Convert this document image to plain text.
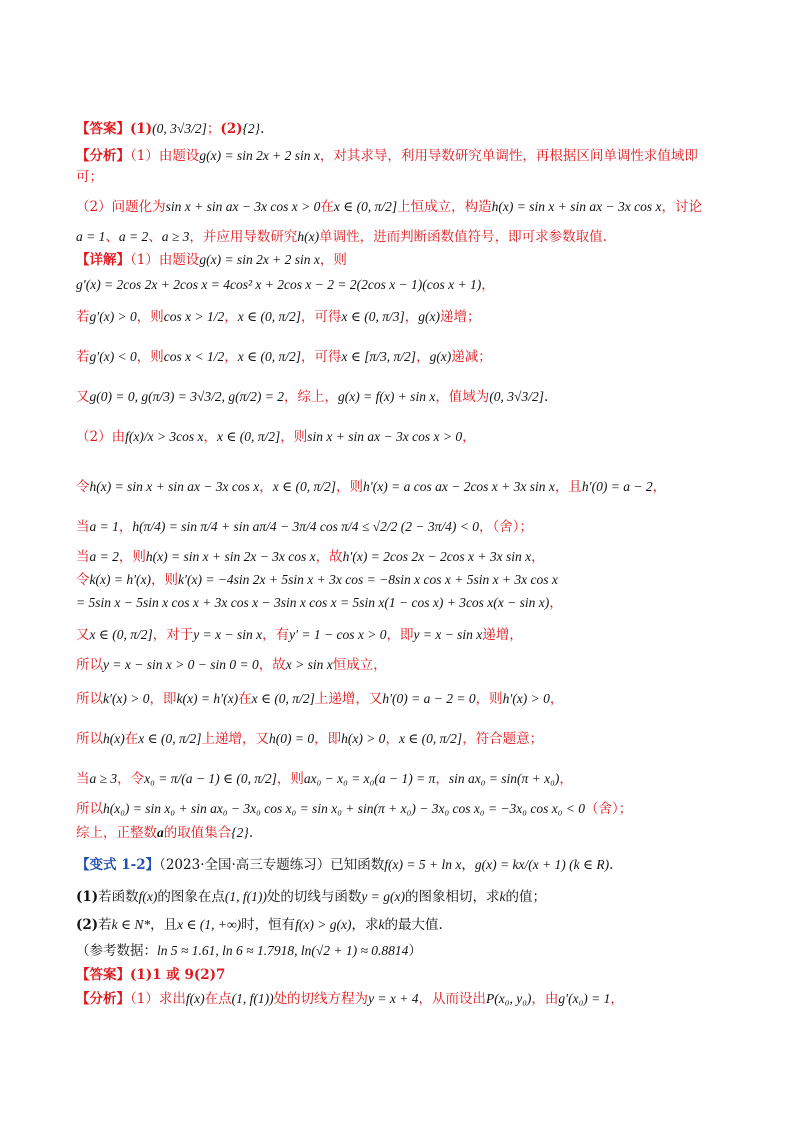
【答案】(1)(0, 3√3/2]；(2){2}.
【分析】（1）由题设g(x) = sin 2x + 2 sin x，对其求导，利用导数研究单调性，再根据区间单调性求值域即
可；
（2）问题化为sin x + sin ax − 3x cos x > 0在x ∈ (0, π/2]上恒成立，构造h(x) = sin x + sin ax − 3x cos x，讨论
a = 1、a = 2、a ≥ 3，并应用导数研究h(x)单调性，进而判断函数值符号，即可求参数取值.
【详解】（1）由题设g(x) = sin 2x + 2 sin x，则
g′(x) = 2cos 2x + 2cos x = 4cos² x + 2cos x − 2 = 2(2cos x − 1)(cos x + 1)，
若g′(x) > 0，则cos x > 1/2，x ∈ (0, π/2]，可得x ∈ (0, π/3]，g(x)递增；
若g′(x) < 0，则cos x < 1/2，x ∈ (0, π/2]，可得x ∈ [π/3, π/2]，g(x)递减；
又g(0) = 0, g(π/3) = 3√3/2, g(π/2) = 2，综上，g(x) = f(x) + sin x，值域为(0, 3√3/2].
（2）由f(x)/x > 3cos x，x ∈ (0, π/2]，则sin x + sin ax − 3x cos x > 0，
令h(x) = sin x + sin ax − 3x cos x，x ∈ (0, π/2]，则h′(x) = a cos ax − 2cos x + 3x sin x，且h′(0) = a − 2，
当a = 1，h(π/4) = sin π/4 + sin aπ/4 − 3π/4 cos π/4 ≤ √2/2 (2 − 3π/4) < 0，（舍）；
当a = 2，则h(x) = sin x + sin 2x − 3x cos x，故h′(x) = 2cos 2x − 2cos x + 3x sin x，
令k(x) = h′(x)，则k′(x) = −4sin 2x + 5sin x + 3x cos = −8sin x cos x + 5sin x + 3x cos x
= 5sin x − 5sin x cos x + 3x cos x − 3sin x cos x = 5sin x(1 − cos x) + 3cos x(x − sin x)，
又x ∈ (0, π/2]，对于y = x − sin x，有y′ = 1 − cos x > 0，即y = x − sin x递增，
所以y = x − sin x > 0 − sin 0 = 0，故x > sin x恒成立，
所以k′(x) > 0，即k(x) = h′(x)在x ∈ (0, π/2]上递增，又h′(0) = a − 2 = 0，则h′(x) > 0，
所以h(x)在x ∈ (0, π/2]上递增，又h(0) = 0，即h(x) > 0，x ∈ (0, π/2]，符合题意；
当a ≥ 3，令x₀ = π/(a − 1) ∈ (0, π/2]，则ax₀ − x₀ = x₀(a − 1) = π，sin ax₀ = sin(π + x₀)，
所以h(x₀) = sin x₀ + sin ax₀ − 3x₀ cos x₀ = sin x₀ + sin(π + x₀) − 3x₀ cos x₀ = −3x₀ cos x₀ < 0（舍）；
综上，正整数a的取值集合{2}.
【变式 1-2】（2023·全国·高三专题练习）已知函数f(x) = 5 + ln x，g(x) = kx/(x + 1) (k ∈ R).
(1)若函数f(x)的图象在点(1, f(1))处的切线与函数y = g(x)的图象相切，求k的值；
(2)若k ∈ N*，且x ∈ (1, +∞)时，恒有f(x) > g(x)，求k的最大值.
（参考数据：ln 5 ≈ 1.61, ln 6 ≈ 1.7918, ln(√2 + 1) ≈ 0.8814）
【答案】(1)1 或 9(2)7
【分析】（1）求出f(x)在点(1, f(1))处的切线方程为y = x + 4，从而设出P(x₀, y₀)，由g′(x₀) = 1，
